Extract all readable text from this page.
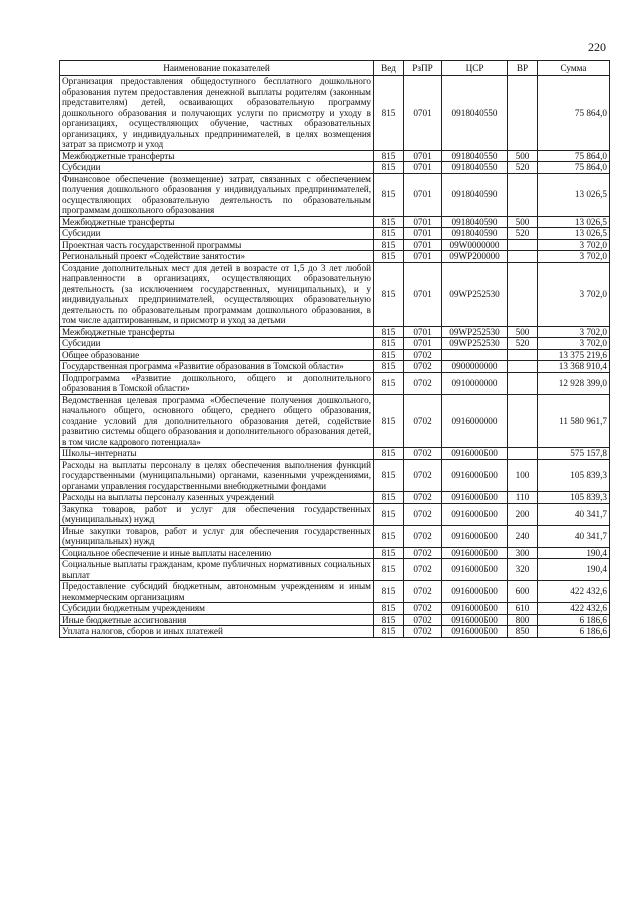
220
Наименование показателей	Вед	РзПР	ЦСР	ВР	Сумма
Организация предоставления общедоступного бесплатного дошкольного образования путем предоставления денежной выплаты родителям (законным представителям) детей, осваивающих образовательную программу дошкольного образования и получающих услуги по присмотру и уходу в организациях, осуществляющих обучение, частных образовательных организациях, у индивидуальных предпринимателей, в целях возмещения затрат за присмотр и уход	815	0701	0918040550		75 864,0
Межбюджетные трансферты	815	0701	0918040550	500	75 864,0
Субсидии	815	0701	0918040550	520	75 864,0
Финансовое обеспечение (возмещение) затрат, связанных с обеспечением получения дошкольного образования у индивидуальных предпринимателей, осуществляющих образовательную деятельность по образовательным программам дошкольного образования	815	0701	0918040590		13 026,5
Межбюджетные трансферты	815	0701	0918040590	500	13 026,5
Субсидии	815	0701	0918040590	520	13 026,5
Проектная часть государственной программы	815	0701	09W0000000		3 702,0
Региональный проект «Содействие занятости»	815	0701	09WP200000		3 702,0
Создание дополнительных мест для детей в возрасте от 1,5 до 3 лет любой направленности в организациях, осуществляющих образовательную деятельность (за исключением государственных, муниципальных), и у индивидуальных предпринимателей, осуществляющих образовательную деятельность по образовательным программам дошкольного образования, в том числе адаптированным, и присмотр и уход за детьми	815	0701	09WP252530		3 702,0
Межбюджетные трансферты	815	0701	09WP252530	500	3 702,0
Субсидии	815	0701	09WP252530	520	3 702,0
Общее образование	815	0702			13 375 219,6
Государственная программа «Развитие образования в Томской области»	815	0702	0900000000		13 368 910,4
Подпрограмма «Развитие дошкольного, общего и дополнительного образования в Томской области»	815	0702	0910000000		12 928 399,0
Ведомственная целевая программа «Обеспечение получения дошкольного, начального общего, основного общего, среднего общего образования, создание условий для дополнительного образования детей, содействие развитию системы общего образования и дополнительного образования детей, в том числе кадрового потенциала»	815	0702	0916000000		11 580 961,7
Школы–интернаты	815	0702	0916000Б00		575 157,8
Расходы на выплаты персоналу в целях обеспечения выполнения функций государственными (муниципальными) органами, казенными учреждениями, органами управления государственными внебюджетными фондами	815	0702	0916000Б00	100	105 839,3
Расходы на выплаты персоналу казенных учреждений	815	0702	0916000Б00	110	105 839,3
Закупка товаров, работ и услуг для обеспечения государственных (муниципальных) нужд	815	0702	0916000Б00	200	40 341,7
Иные закупки товаров, работ и услуг для обеспечения государственных (муниципальных) нужд	815	0702	0916000Б00	240	40 341,7
Социальное обеспечение и иные выплаты населению	815	0702	0916000Б00	300	190,4
Социальные выплаты гражданам, кроме публичных нормативных социальных выплат	815	0702	0916000Б00	320	190,4
Предоставление субсидий бюджетным, автономным учреждениям и иным некоммерческим организациям	815	0702	0916000Б00	600	422 432,6
Субсидии бюджетным учреждениям	815	0702	0916000Б00	610	422 432,6
Иные бюджетные ассигнования	815	0702	0916000Б00	800	6 186,6
Уплата налогов, сборов и иных платежей	815	0702	0916000Б00	850	6 186,6
